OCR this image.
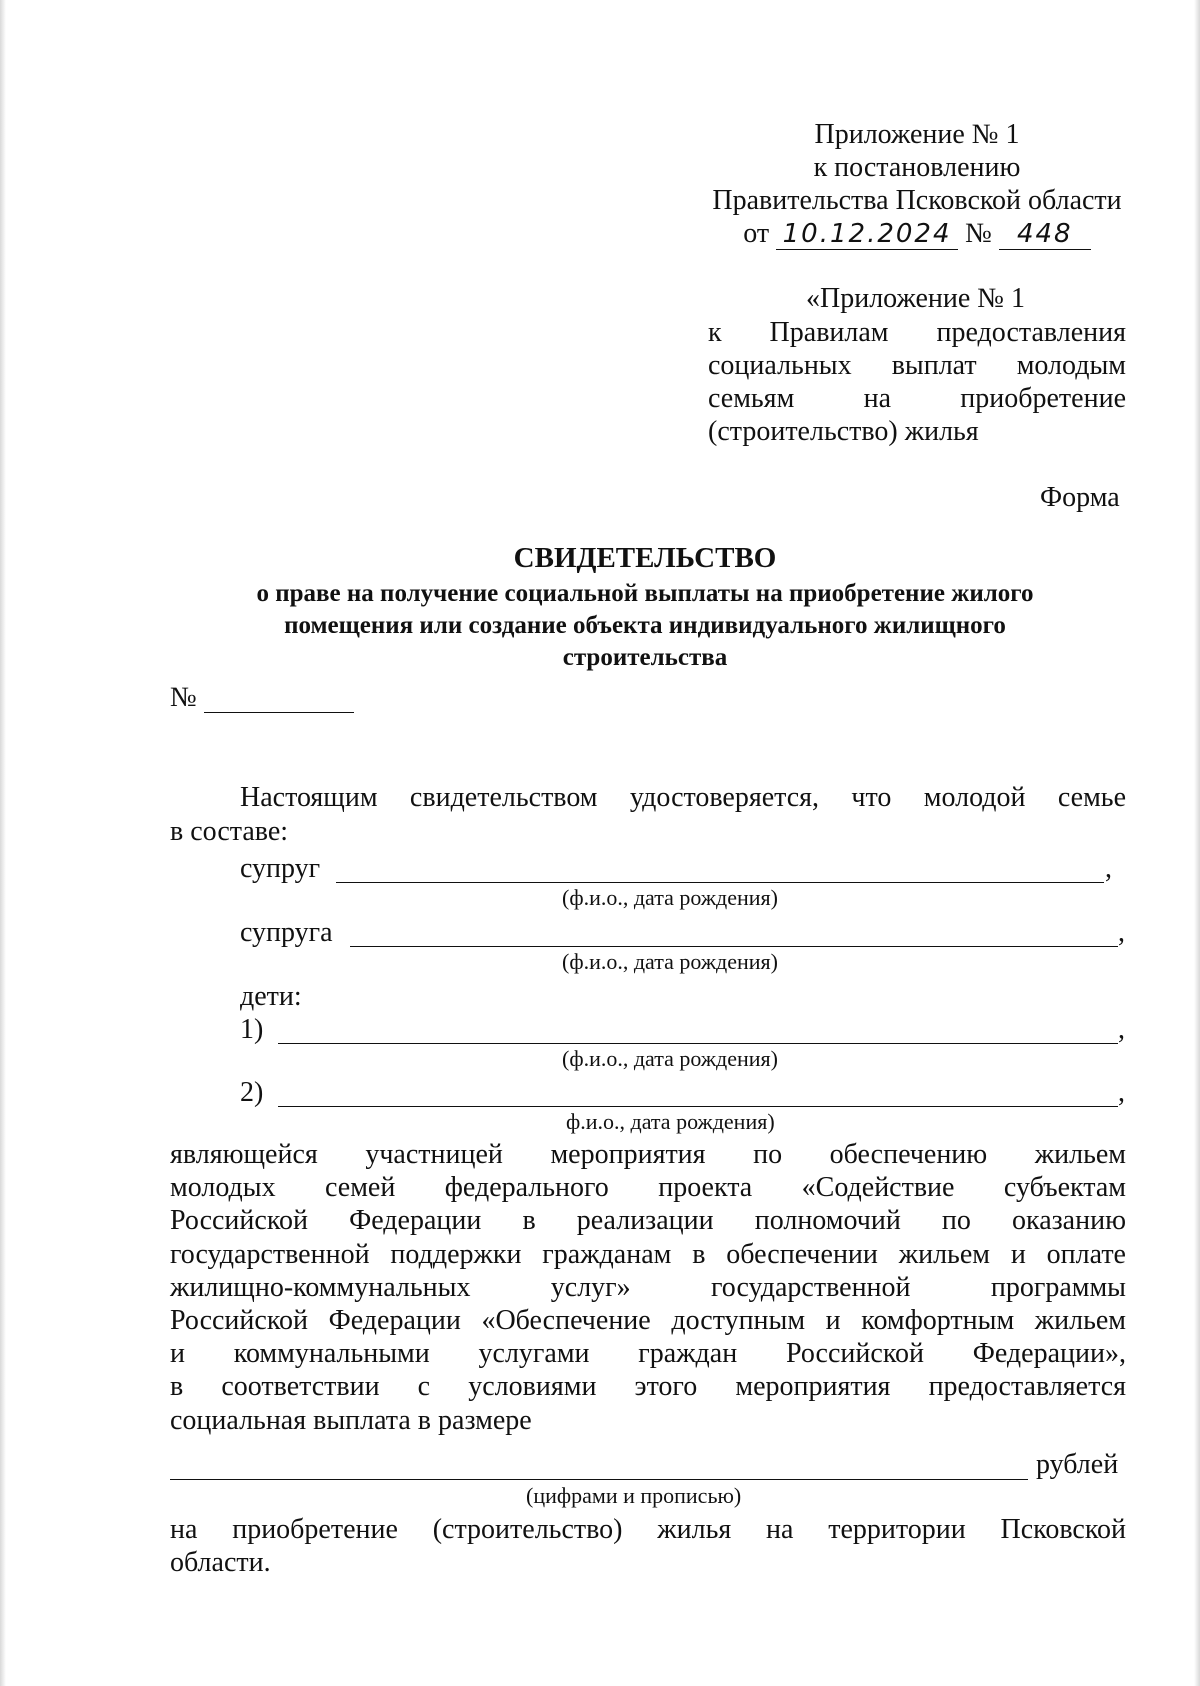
Приложение № 1
к постановлению
Правительства Псковской области
от 10.12.2024 № 448
«Приложение № 1
к Правилам предоставления
социальных выплат молодым
семьям на приобретение
(строительство) жилья
Форма
СВИДЕТЕЛЬСТВО
о праве на получение социальной выплаты на приобретение жилого
помещения или создание объекта индивидуального жилищного
строительства
№
Настоящим свидетельством удостоверяется, что молодой семье
в составе:
супруг	,
(ф.и.о., дата рождения)
супруга	,
(ф.и.о., дата рождения)
дети:
1)	,
(ф.и.о., дата рождения)
2)	,
ф.и.о., дата рождения)
являющейся участницей мероприятия по обеспечению жильем
молодых семей федерального проекта «Содействие субъектам
Российской Федерации в реализации полномочий по оказанию
государственной поддержки гражданам в обеспечении жильем и оплате
жилищно-коммунальных услуг» государственной программы
Российской Федерации «Обеспечение доступным и комфортным жильем
и коммунальными услугами граждан Российской Федерации»,
в соответствии с условиями этого мероприятия предоставляется
социальная выплата в размере
рублей
(цифрами и прописью)
на приобретение (строительство) жилья на территории Псковской
области.
